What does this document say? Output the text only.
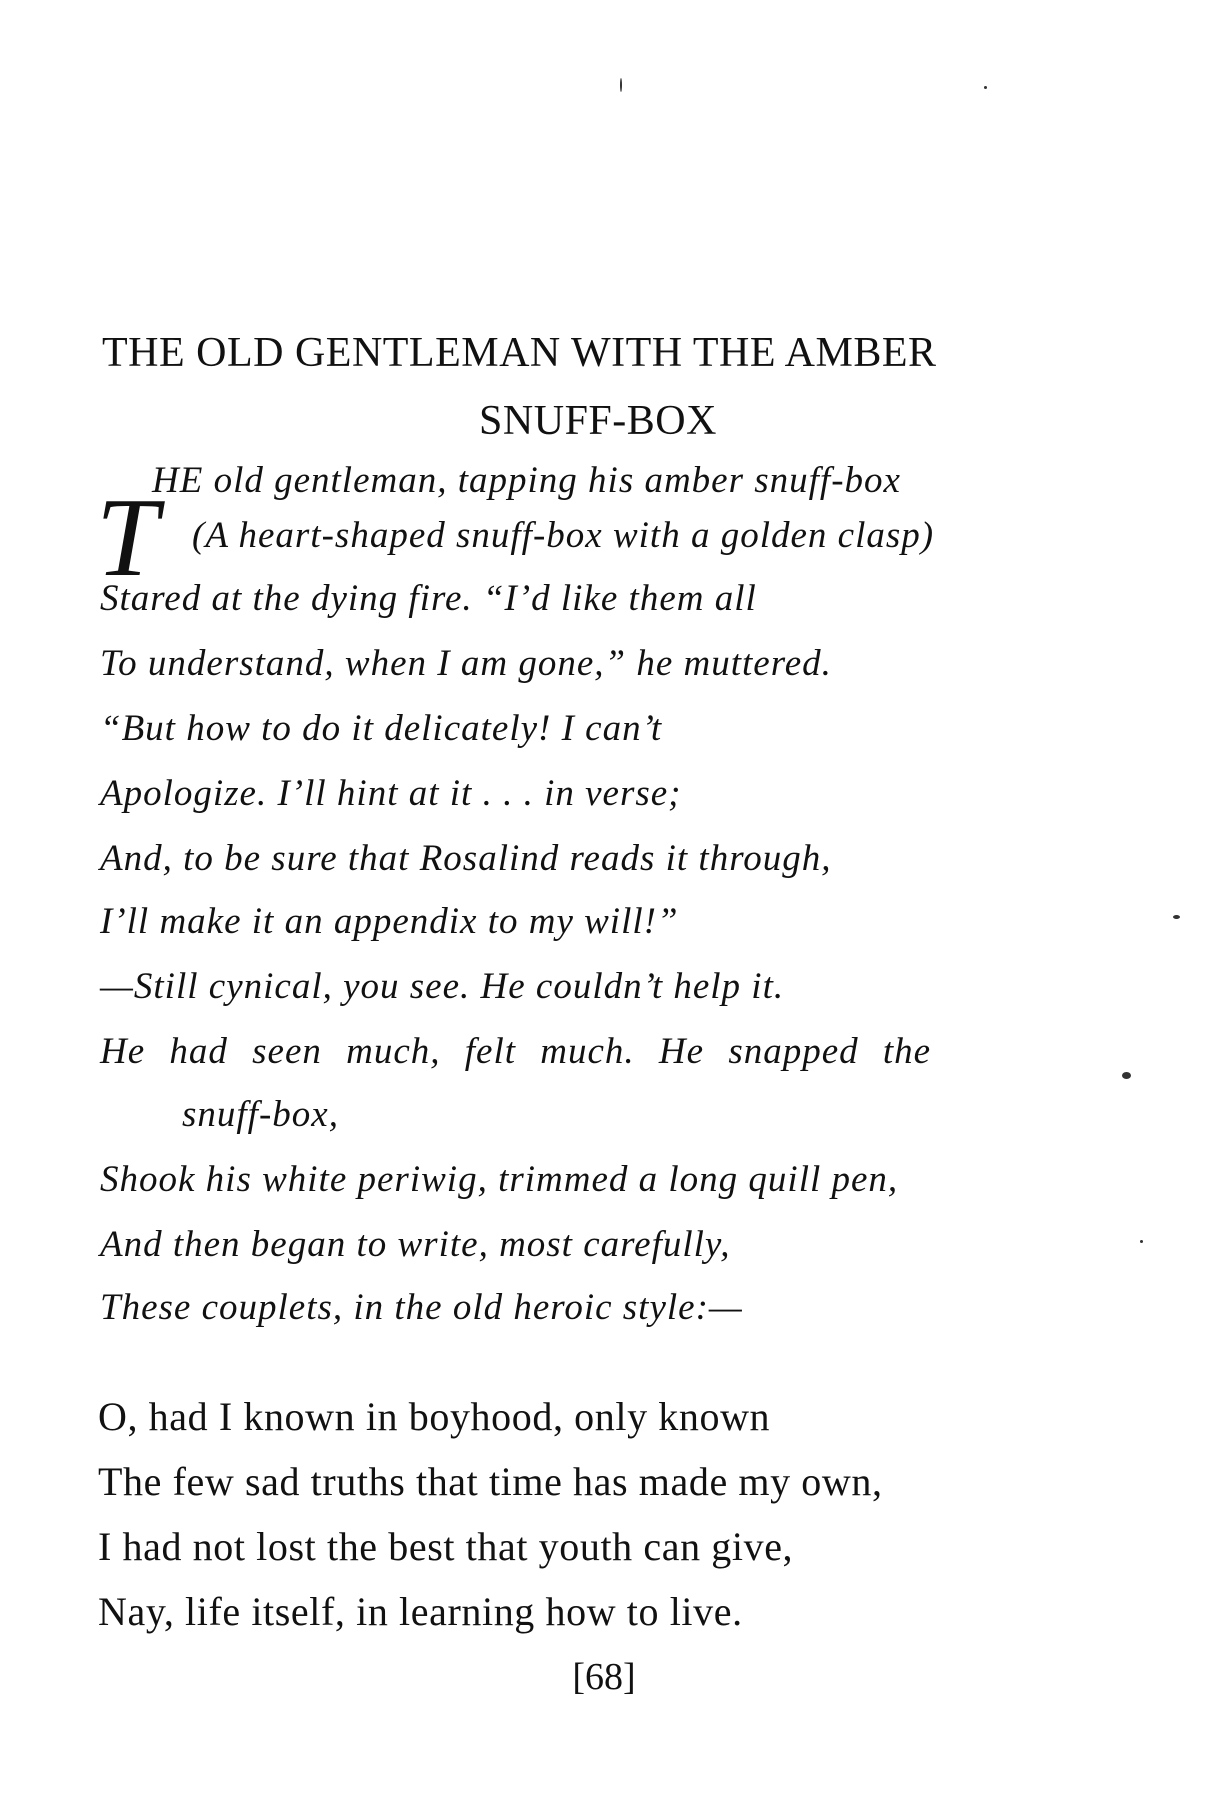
THE OLD GENTLEMAN WITH THE AMBER
SNUFF-BOX
T
HE old gentleman, tapping his amber snuff-box
(A heart-shaped snuff-box with a golden clasp)
Stared at the dying fire. “I’d like them all
To understand, when I am gone,” he muttered.
“But how to do it delicately! I can’t
Apologize. I’ll hint at it . . . in verse;
And, to be sure that Rosalind reads it through,
I’ll make it an appendix to my will!”
—Still cynical, you see. He couldn’t help it.
He had seen much, felt much. He snapped the
snuff-box,
Shook his white periwig, trimmed a long quill pen,
And then began to write, most carefully,
These couplets, in the old heroic style:—
O, had I known in boyhood, only known
The few sad truths that time has made my own,
I had not lost the best that youth can give,
Nay, life itself, in learning how to live.
[68]
